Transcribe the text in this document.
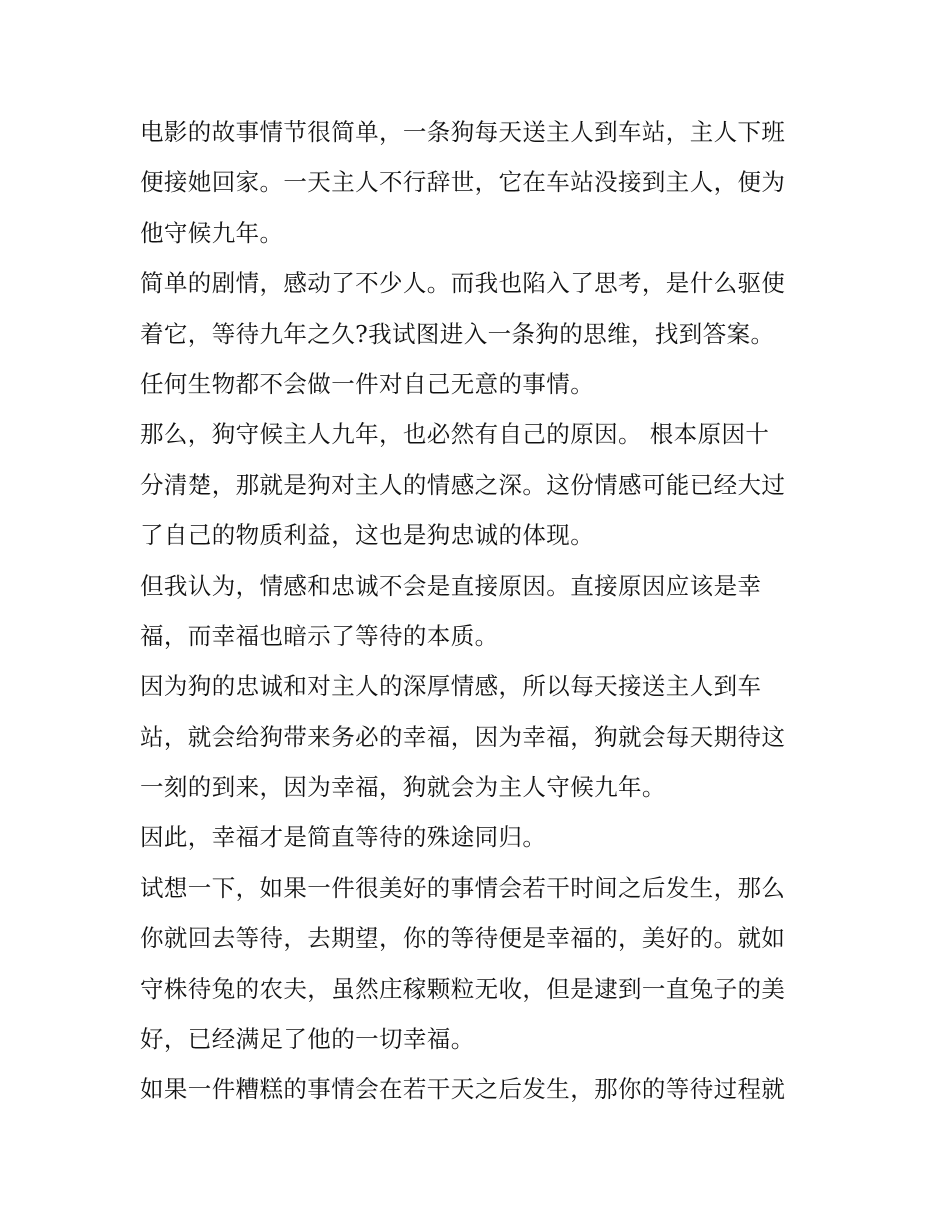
电影的故事情节很简单，一条狗每天送主人到车站，主人下班
便接她回家。一天主人不行辞世，它在车站没接到主人，便为
他守候九年。
简单的剧情，感动了不少人。而我也陷入了思考，是什么驱使
着它，等待九年之久?我试图进入一条狗的思维，找到答案。
任何生物都不会做一件对自己无意的事情。
那么，狗守候主人九年，也必然有自己的原因。 根本原因十
分清楚，那就是狗对主人的情感之深。这份情感可能已经大过
了自己的物质利益，这也是狗忠诚的体现。
但我认为，情感和忠诚不会是直接原因。直接原因应该是幸
福，而幸福也暗示了等待的本质。
因为狗的忠诚和对主人的深厚情感，所以每天接送主人到车
站，就会给狗带来务必的幸福，因为幸福，狗就会每天期待这
一刻的到来，因为幸福，狗就会为主人守候九年。
因此，幸福才是简直等待的殊途同归。
试想一下，如果一件很美好的事情会若干时间之后发生，那么
你就回去等待，去期望，你的等待便是幸福的，美好的。就如
守株待兔的农夫，虽然庄稼颗粒无收，但是逮到一直兔子的美
好，已经满足了他的一切幸福。
如果一件糟糕的事情会在若干天之后发生，那你的等待过程就
